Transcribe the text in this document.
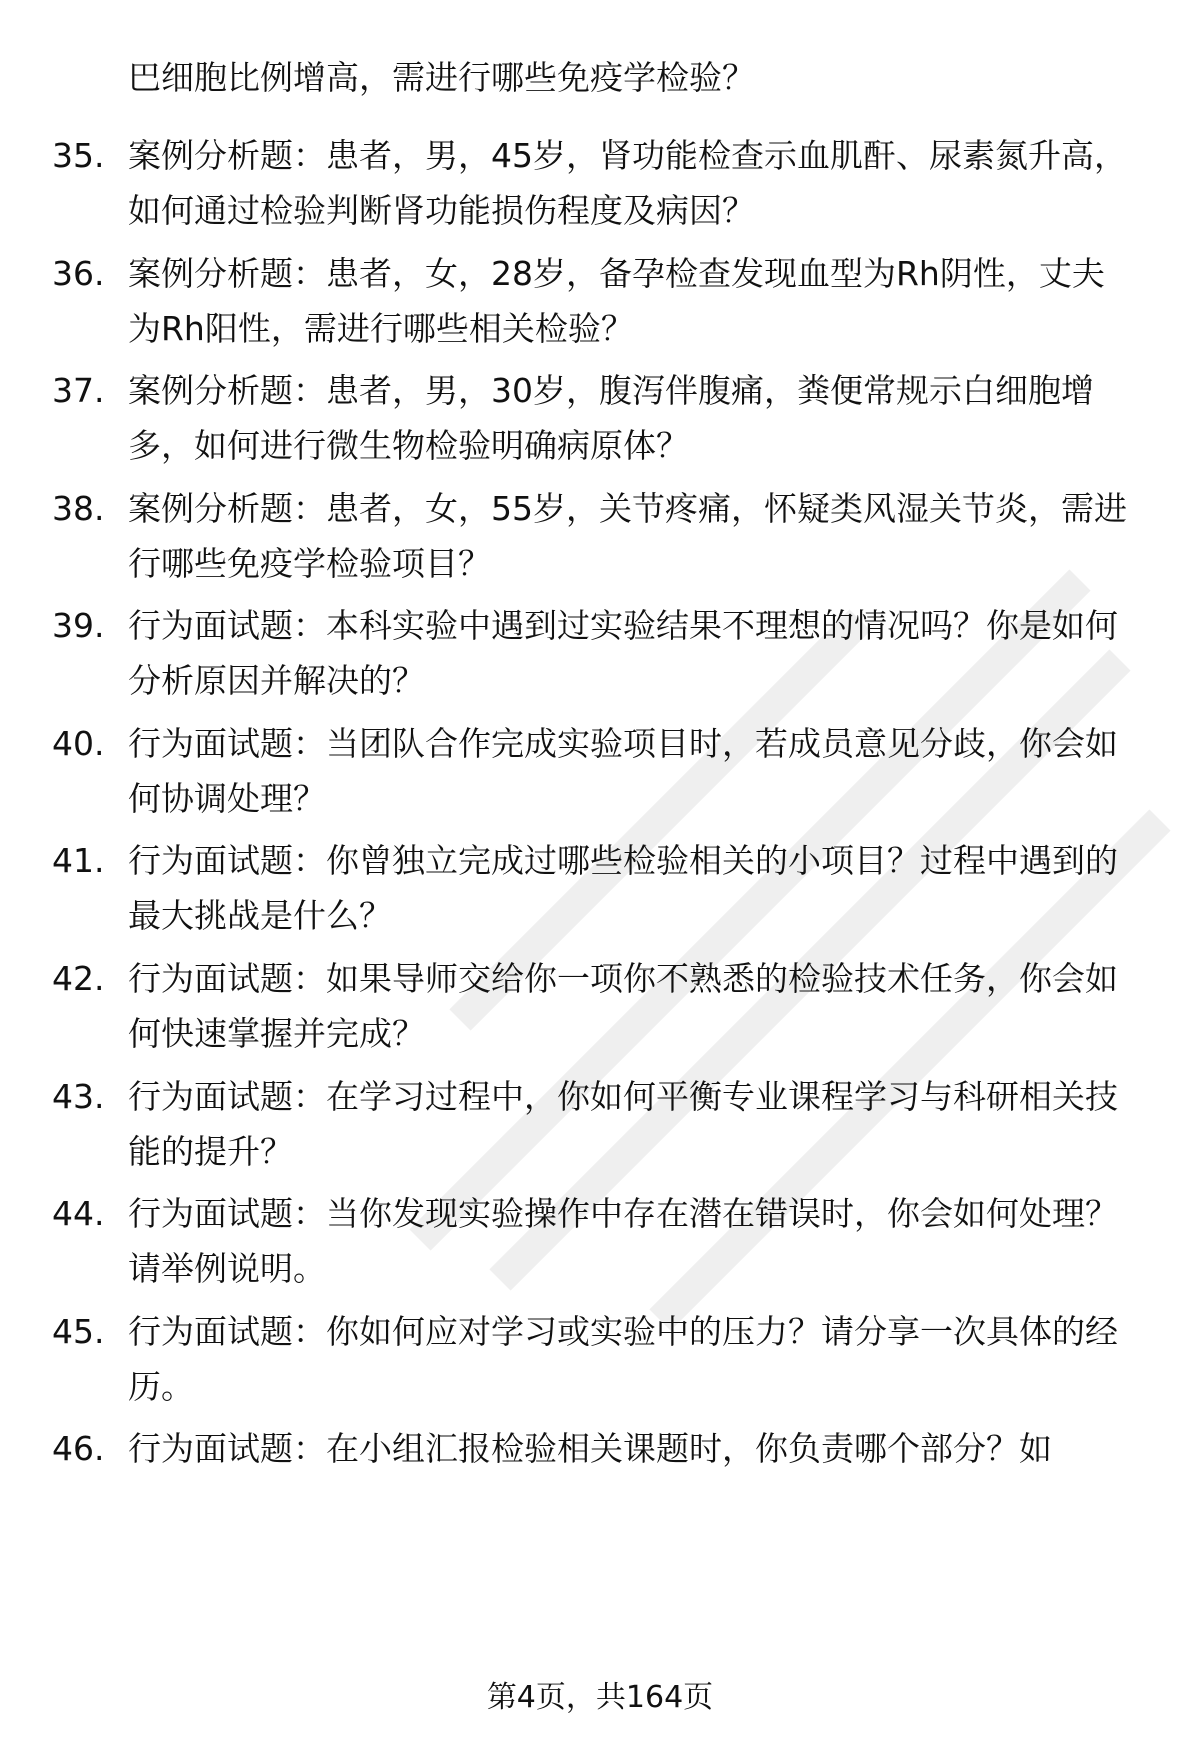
巴细胞比例增高，需进行哪些免疫学检验？
35. 案例分析题：患者，男，45岁，肾功能检查示血肌酐、尿素氮升高，如何通过检验判断肾功能损伤程度及病因？
36. 案例分析题：患者，女，28岁，备孕检查发现血型为Rh阴性，丈夫为Rh阳性，需进行哪些相关检验？
37. 案例分析题：患者，男，30岁，腹泻伴腹痛，粪便常规示白细胞增多，如何进行微生物检验明确病原体？
38. 案例分析题：患者，女，55岁，关节疼痛，怀疑类风湿关节炎，需进行哪些免疫学检验项目？
39. 行为面试题：本科实验中遇到过实验结果不理想的情况吗？你是如何分析原因并解决的？
40. 行为面试题：当团队合作完成实验项目时，若成员意见分歧，你会如何协调处理？
41. 行为面试题：你曾独立完成过哪些检验相关的小项目？过程中遇到的最大挑战是什么？
42. 行为面试题：如果导师交给你一项你不熟悉的检验技术任务，你会如何快速掌握并完成？
43. 行为面试题：在学习过程中，你如何平衡专业课程学习与科研相关技能的提升？
44. 行为面试题：当你发现实验操作中存在潜在错误时，你会如何处理？请举例说明。
45. 行为面试题：你如何应对学习或实验中的压力？请分享一次具体的经历。
46. 行为面试题：在小组汇报检验相关课题时，你负责哪个部分？如
第4页，共164页
